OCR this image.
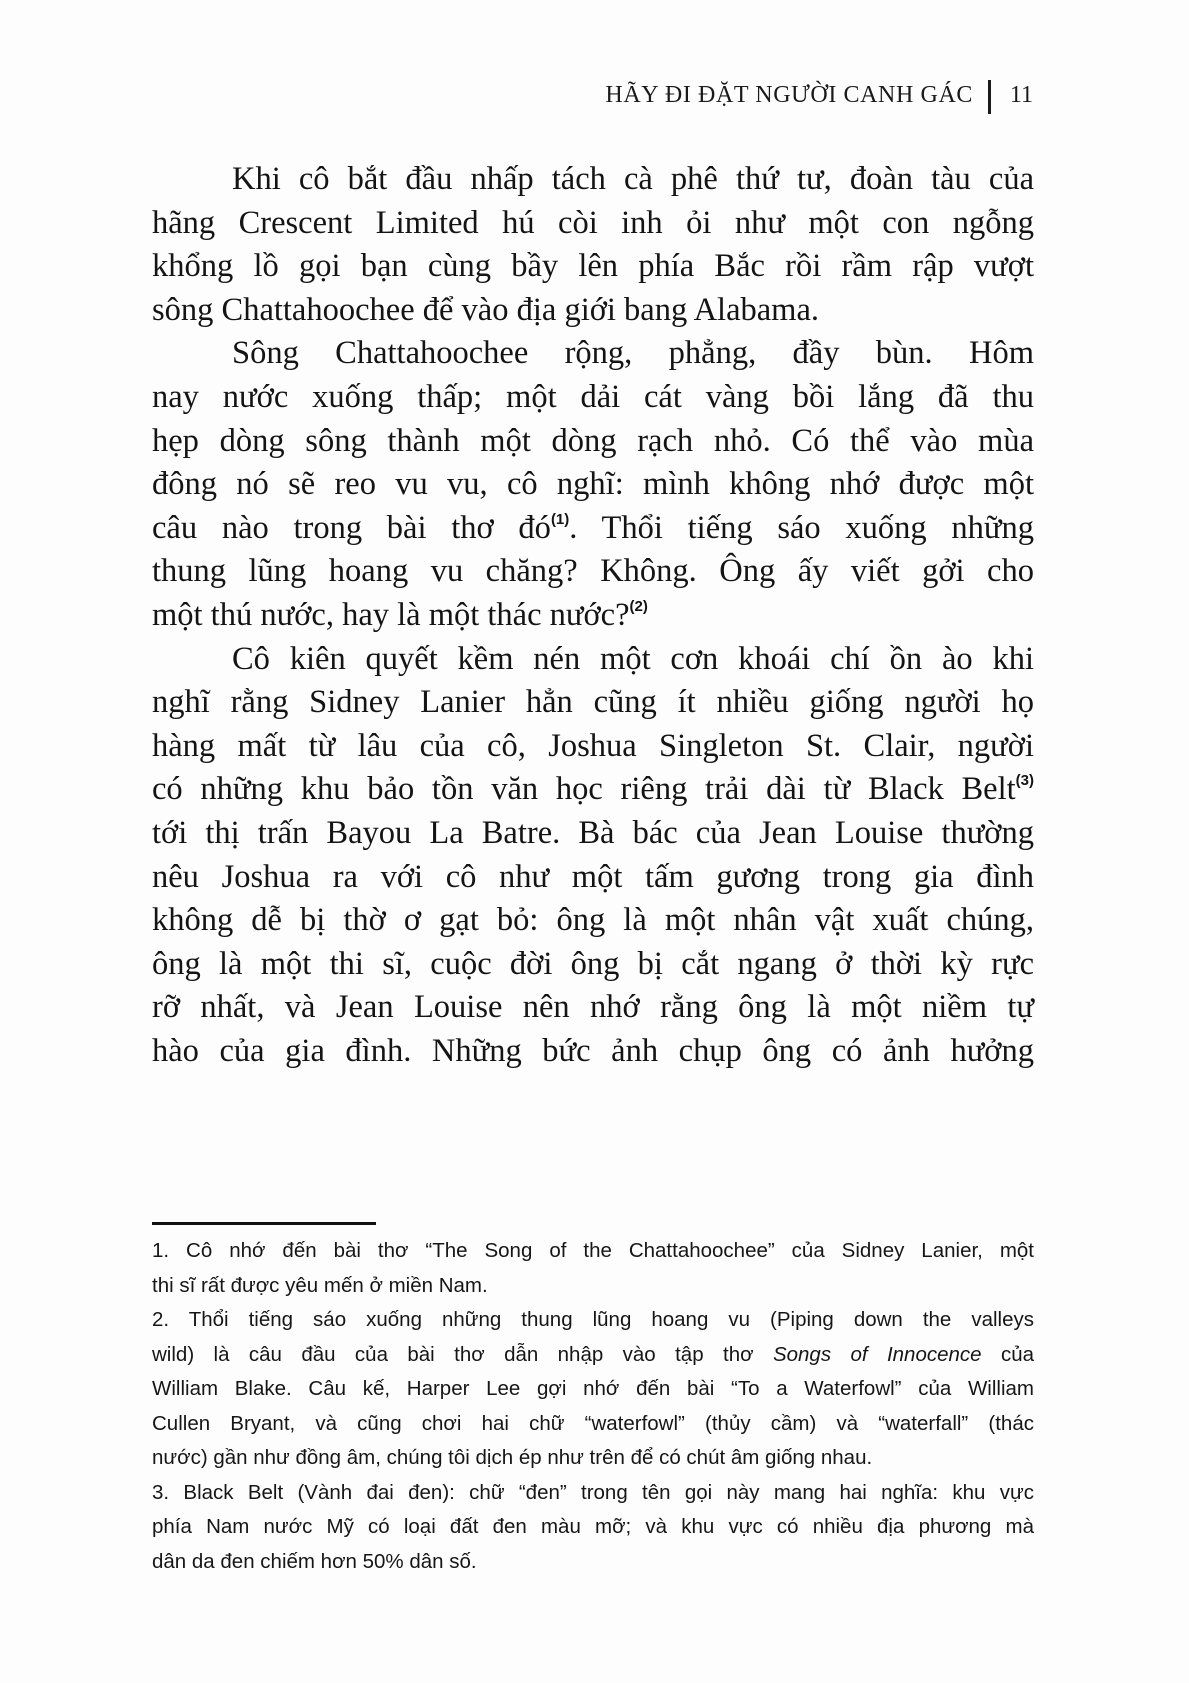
HÃY ĐI ĐẶT NGƯỜI CANH GÁC 11
Khi cô bắt đầu nhấp tách cà phê thứ tư, đoàn tàu của
hãng Crescent Limited hú còi inh ỏi như một con ngỗng
khổng lồ gọi bạn cùng bầy lên phía Bắc rồi rầm rập vượt
sông Chattahoochee để vào địa giới bang Alabama.
Sông Chattahoochee rộng, phẳng, đầy bùn. Hôm
nay nước xuống thấp; một dải cát vàng bồi lắng đã thu
hẹp dòng sông thành một dòng rạch nhỏ. Có thể vào mùa
đông nó sẽ reo vu vu, cô nghĩ: mình không nhớ được một
câu nào trong bài thơ đó$^{(1)}$. Thổi tiếng sáo xuống những
thung lũng hoang vu chăng? Không. Ông ấy viết gởi cho
một thú nước, hay là một thác nước?$^{(2)}$
Cô kiên quyết kềm nén một cơn khoái chí ồn ào khi
nghĩ rằng Sidney Lanier hẳn cũng ít nhiều giống người họ
hàng mất từ lâu của cô, Joshua Singleton St. Clair, người
có những khu bảo tồn văn học riêng trải dài từ Black Belt$^{(3)}$
tới thị trấn Bayou La Batre. Bà bác của Jean Louise thường
nêu Joshua ra với cô như một tấm gương trong gia đình
không dễ bị thờ ơ gạt bỏ: ông là một nhân vật xuất chúng,
ông là một thi sĩ, cuộc đời ông bị cắt ngang ở thời kỳ rực
rỡ nhất, và Jean Louise nên nhớ rằng ông là một niềm tự
hào của gia đình. Những bức ảnh chụp ông có ảnh hưởng
1. Cô nhớ đến bài thơ “The Song of the Chattahoochee” của Sidney Lanier, một
thi sĩ rất được yêu mến ở miền Nam.
2. Thổi tiếng sáo xuống những thung lũng hoang vu (Piping down the valleys
wild) là câu đầu của bài thơ dẫn nhập vào tập thơ Songs of Innocence của
William Blake. Câu kế, Harper Lee gợi nhớ đến bài “To a Waterfowl” của William
Cullen Bryant, và cũng chơi hai chữ “waterfowl” (thủy cầm) và “waterfall” (thác
nước) gần như đồng âm, chúng tôi dịch ép như trên để có chút âm giống nhau.
3. Black Belt (Vành đai đen): chữ “đen” trong tên gọi này mang hai nghĩa: khu vực
phía Nam nước Mỹ có loại đất đen màu mỡ; và khu vực có nhiều địa phương mà
dân da đen chiếm hơn 50% dân số.
